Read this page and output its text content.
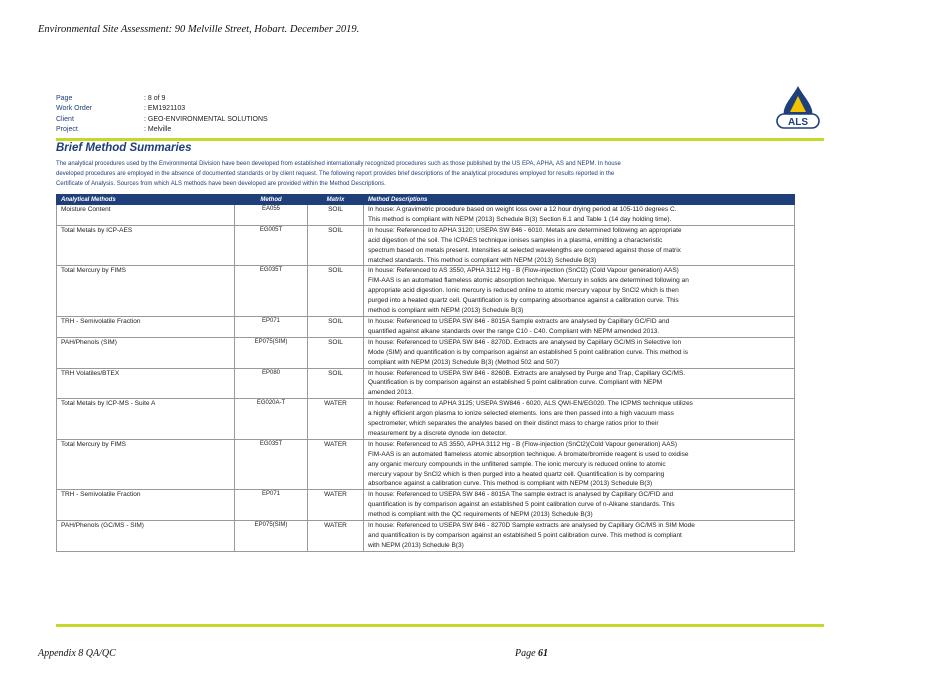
Environmental Site Assessment: 90 Melville Street, Hobart. December 2019.
Page	: 8 of 9
Work Order	: EM1921103
Client	: GEO-ENVIRONMENTAL SOLUTIONS
Project	: Melville
ALS
Brief Method Summaries
The analytical procedures used by the Environmental Division have been developed from established internationally recognized procedures such as those published by the US EPA, APHA, AS and NEPM. In house
developed procedures are employed in the absence of documented standards or by client request. The following report provides brief descriptions of the analytical procedures employed for results reported in the
Certificate of Analysis. Sources from which ALS methods have been developed are provided within the Method Descriptions.
Analytical Methods	Method	Matrix	Method Descriptions
Moisture Content	EA055	SOIL	In house: A gravimetric procedure based on weight loss over a 12 hour drying period at 105-110 degrees C.
This method is compliant with NEPM (2013) Schedule B(3) Section 6.1 and Table 1 (14 day holding time).

Total Metals by ICP-AES	EG005T	SOIL	In house: Referenced to APHA 3120; USEPA SW 846 - 6010. Metals are determined following an appropriate
acid digestion of the soil. The ICPAES technique ionises samples in a plasma, emitting a characteristic
spectrum based on metals present. Intensities at selected wavelengths are compared against those of matrix
matched standards. This method is compliant with NEPM (2013) Schedule B(3)

Total Mercury by FIMS	EG035T	SOIL	In house: Referenced to AS 3550, APHA 3112 Hg - B (Flow-injection (SnCl2) (Cold Vapour generation) AAS)
FIM-AAS is an automated flameless atomic absorption technique. Mercury in solids are determined following an
appropriate acid digestion. Ionic mercury is reduced online to atomic mercury vapour by SnCl2 which is then
purged into a heated quartz cell. Quantification is by comparing absorbance against a calibration curve. This
method is compliant with NEPM (2013) Schedule B(3)

TRH - Semivolatile Fraction	EP071	SOIL	In house: Referenced to USEPA SW 846 - 8015A Sample extracts are analysed by Capillary GC/FID and
quantified against alkane standards over the range C10 - C40. Compliant with NEPM amended 2013.

PAH/Phenols (SIM)	EP075(SIM)	SOIL	In house: Referenced to USEPA SW 846 - 8270D. Extracts are analysed by Capillary GC/MS in Selective Ion
Mode (SIM) and quantification is by comparison against an established 5 point calibration curve. This method is
compliant with NEPM (2013) Schedule B(3) (Method 502 and 507)

TRH Volatiles/BTEX	EP080	SOIL	In house: Referenced to USEPA SW 846 - 8260B. Extracts are analysed by Purge and Trap, Capillary GC/MS.
Quantification is by comparison against an established 5 point calibration curve. Compliant with NEPM
amended 2013.

Total Metals by ICP-MS - Suite A	EG020A-T	WATER	In house: Referenced to APHA 3125; USEPA SW846 - 6020, ALS QWI-EN/EG020. The ICPMS technique utilizes
a highly efficient argon plasma to ionize selected elements. Ions are then passed into a high vacuum mass
spectrometer, which separates the analytes based on their distinct mass to charge ratios prior to their
measurement by a discrete dynode ion detector.

Total Mercury by FIMS	EG035T	WATER	In house: Referenced to AS 3550, APHA 3112 Hg - B (Flow-injection (SnCl2)(Cold Vapour generation) AAS)
FIM-AAS is an automated flameless atomic absorption technique. A bromate/bromide reagent is used to oxidise
any organic mercury compounds in the unfiltered sample. The ionic mercury is reduced online to atomic
mercury vapour by SnCl2 which is then purged into a heated quartz cell. Quantification is by comparing
absorbance against a calibration curve. This method is compliant with NEPM (2013) Schedule B(3)

TRH - Semivolatile Fraction	EP071	WATER	In house: Referenced to USEPA SW 846 - 8015A The sample extract is analysed by Capillary GC/FID and
quantification is by comparison against an established 5 point calibration curve of n-Alkane standards. This
method is compliant with the QC requirements of NEPM (2013) Schedule B(3)

PAH/Phenols (GC/MS - SIM)	EP075(SIM)	WATER	In house: Referenced to USEPA SW 846 - 8270D Sample extracts are analysed by Capillary GC/MS in SIM Mode
and quantification is by comparison against an established 5 point calibration curve. This method is compliant
with NEPM (2013) Schedule B(3)
Appendix 8 QA/QC	Page 61
